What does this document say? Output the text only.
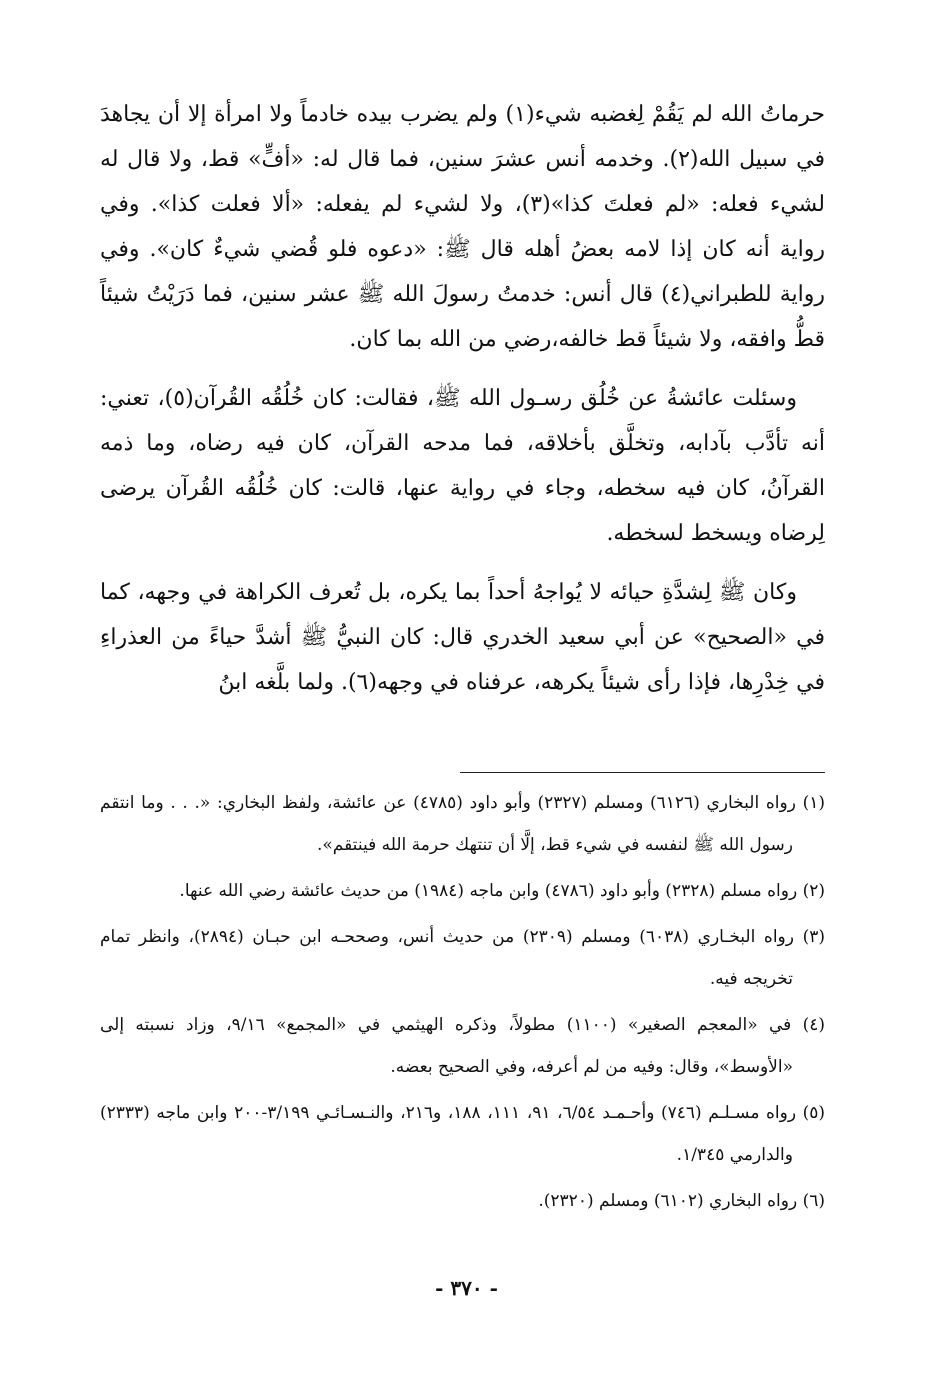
حرماتُ الله لم يَقُمْ لِغضبه شيء(١) ولم يضرب بيده خادماً ولا امرأة إلا أن يجاهدَ في سبيل الله(٢). وخدمه أنس عشرَ سنين، فما قال له: «أفٍّ» قط، ولا قال له لشيء فعله: «لم فعلتَ كذا»(٣)، ولا لشيء لم يفعله: «ألا فعلت كذا». وفي رواية أنه كان إذا لامه بعضُ أهله قال ﷺ: «دعوه فلو قُضي شيءٌ كان». وفي رواية للطبراني(٤) قال أنس: خدمتُ رسولَ الله ﷺ عشر سنين، فما دَرَيْتُ شيئاً قطُّ وافقه، ولا شيئاً قط خالفه،رضي من الله بما كان.

وسئلت عائشةُ عن خُلُق رسـول الله ﷺ، فقالت: كان خُلُقُه القُرآن(٥)، تعني: أنه تأدَّب بآدابه، وتخلَّق بأخلاقه، فما مدحه القرآن، كان فيه رضاه، وما ذمه القرآنُ، كان فيه سخطه، وجاء في رواية عنها، قالت: كان خُلُقُه القُرآن يرضى لِرضاه ويسخط لسخطه.

وكان ﷺ لِشدَّةِ حيائه لا يُواجهُ أحداً بما يكره، بل تُعرف الكراهة في وجهه، كما في «الصحيح» عن أبي سعيد الخدري قال: كان النبيُّ ﷺ أشدَّ حياءً من العذراءِ في خِدْرِها، فإذا رأى شيئاً يكرهه، عرفناه في وجهه(٦). ولما بلَّغه ابنُ

(١) رواه البخاري (٦١٢٦) ومسلم (٢٣٢٧) وأبو داود (٤٧٨٥) عن عائشة، ولفظ البخاري: «. . . وما انتقم رسول الله ﷺ لنفسه في شيء قط، إلَّا أن تنتهك حرمة الله فينتقم».

(٢) رواه مسلم (٢٣٢٨) وأبو داود (٤٧٨٦) وابن ماجه (١٩٨٤) من حديث عائشة رضي الله عنها.

(٣) رواه البخـاري (٦٠٣٨) ومسلم (٢٣٠٩) من حديث أنس، وصححـه ابن حبـان (٢٨٩٤)، وانظر تمام تخريجه فيه.

(٤) في «المعجم الصغير» (١١٠٠) مطولاً، وذكره الهيثمي في «المجمع» ٩/١٦، وزاد نسبته إلى «الأوسط»، وقال: وفيه من لم أعرفه، وفي الصحيح بعضه.

(٥) رواه مسـلـم (٧٤٦) وأحـمـد ٦/٥٤، ٩١، ١١١، ١٨٨، و٢١٦، والنـسـائـي ٣/١٩٩-٢٠٠ وابن ماجه (٢٣٣٣) والدارمي ١/٣٤٥.

(٦) رواه البخاري (٦١٠٢) ومسلم (٢٣٢٠).

- ٣٧٠ -
